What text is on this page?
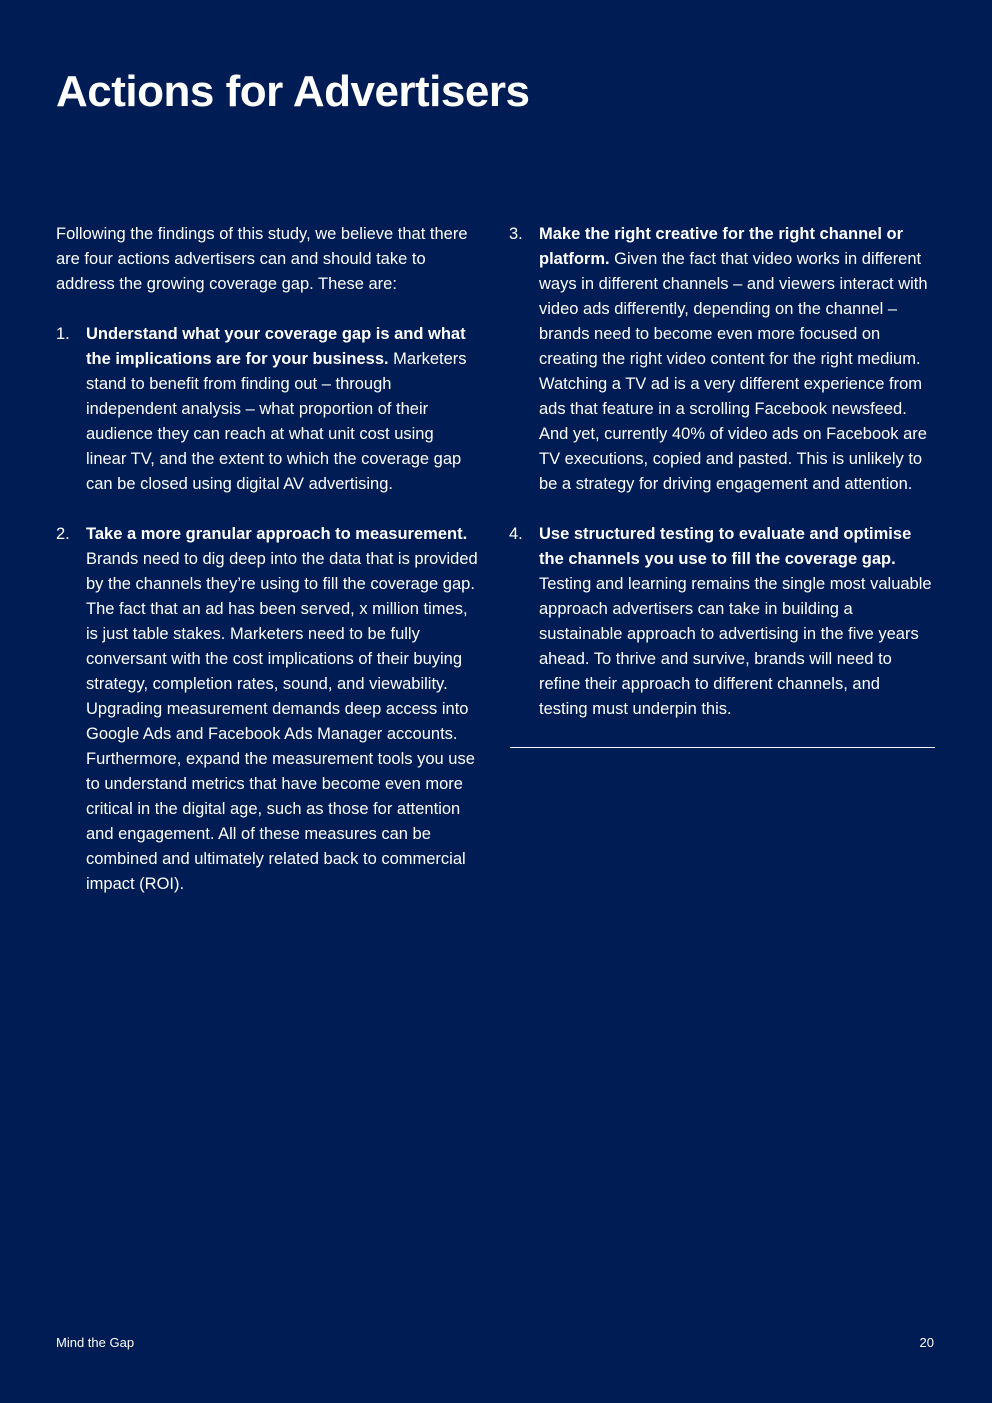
Actions for Advertisers

Following the findings of this study, we believe that there are four actions advertisers can and should take to address the growing coverage gap. These are:

1. Understand what your coverage gap is and what the implications are for your business. Marketers stand to benefit from finding out – through independent analysis – what proportion of their audience they can reach at what unit cost using linear TV, and the extent to which the coverage gap can be closed using digital AV advertising.
2. Take a more granular approach to measurement. Brands need to dig deep into the data that is provided by the channels they’re using to fill the coverage gap. The fact that an ad has been served, x million times, is just table stakes. Marketers need to be fully conversant with the cost implications of their buying strategy, completion rates, sound, and viewability. Upgrading measurement demands deep access into Google Ads and Facebook Ads Manager accounts. Furthermore, expand the measurement tools you use to understand metrics that have become even more critical in the digital age, such as those for attention and engagement. All of these measures can be combined and ultimately related back to commercial impact (ROI).
3. Make the right creative for the right channel or platform. Given the fact that video works in different ways in different channels – and viewers interact with video ads differently, depending on the channel – brands need to become even more focused on creating the right video content for the right medium. Watching a TV ad is a very different experience from ads that feature in a scrolling Facebook newsfeed. And yet, currently 40% of video ads on Facebook are TV executions, copied and pasted. This is unlikely to be a strategy for driving engagement and attention.
4. Use structured testing to evaluate and optimise the channels you use to fill the coverage gap. Testing and learning remains the single most valuable approach advertisers can take in building a sustainable approach to advertising in the five years ahead. To thrive and survive, brands will need to refine their approach to different channels, and testing must underpin this.
Mind the Gap	20
